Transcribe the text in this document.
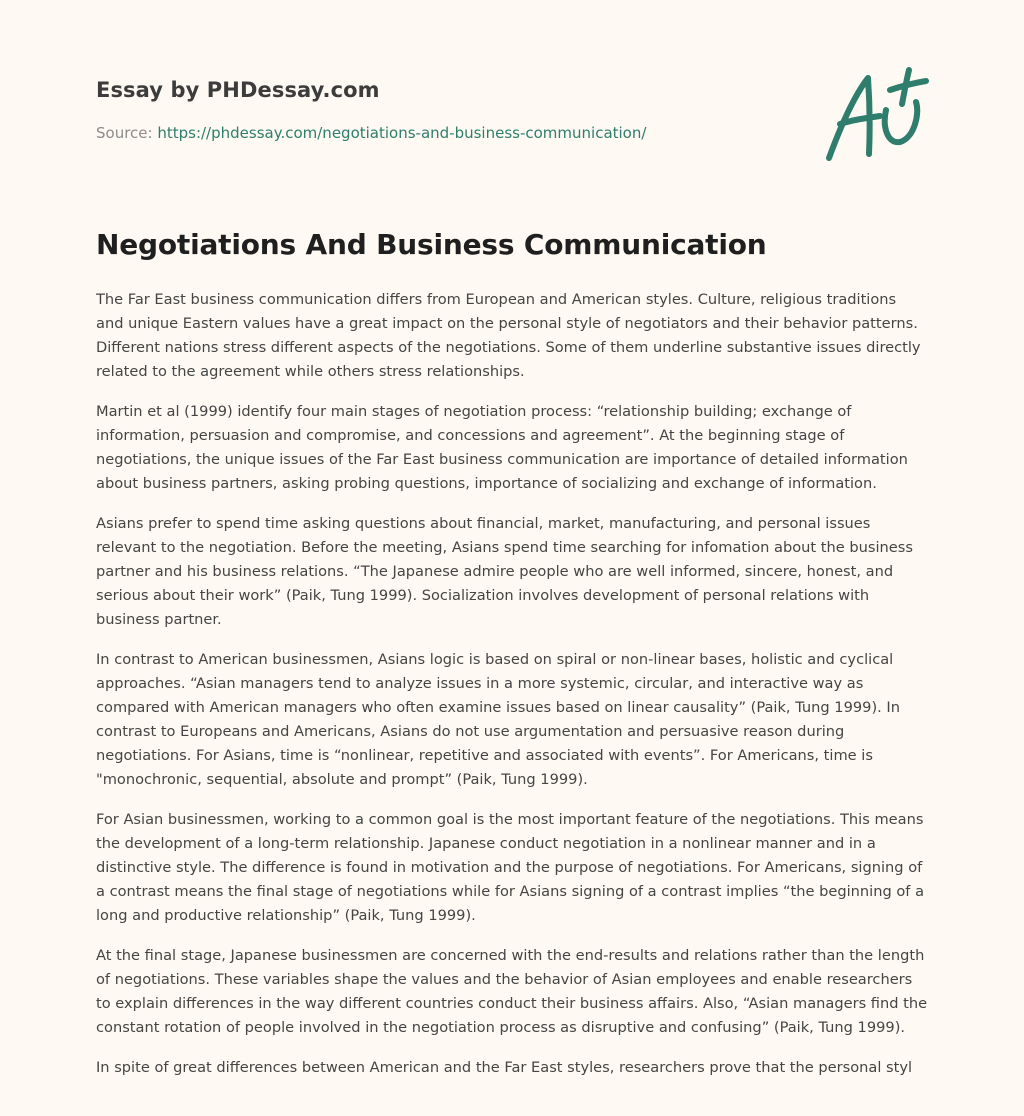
Essay by PHDessay.com
Source: https://phdessay.com/negotiations-and-business-communication/
Negotiations And Business Communication

The Far East business communication differs from European and American styles. Culture, religious traditions and unique Eastern values have a great impact on the personal style of negotiators and their behavior patterns. Different nations stress different aspects of the negotiations. Some of them underline substantive issues directly related to the agreement while others stress relationships.

Martin et al (1999) identify four main stages of negotiation process: “relationship building; exchange of information, persuasion and compromise, and concessions and agreement”. At the beginning stage of negotiations, the unique issues of the Far East business communication are importance of detailed information about business partners, asking probing questions, importance of socializing and exchange of information.

Asians prefer to spend time asking questions about financial, market, manufacturing, and personal issues relevant to the negotiation. Before the meeting, Asians spend time searching for infomation about the business partner and his business relations. “The Japanese admire people who are well informed, sincere, honest, and serious about their work” (Paik, Tung 1999). Socialization involves development of personal relations with business partner.

In contrast to American businessmen, Asians logic is based on spiral or non-linear bases, holistic and cyclical approaches. “Asian managers tend to analyze issues in a more systemic, circular, and interactive way as compared with American managers who often examine issues based on linear causality” (Paik, Tung 1999). In contrast to Europeans and Americans, Asians do not use argumentation and persuasive reason during negotiations. For Asians, time is “nonlinear, repetitive and associated with events”. For Americans, time is "monochronic, sequential, absolute and prompt” (Paik, Tung 1999).

For Asian businessmen, working to a common goal is the most important feature of the negotiations. This means the development of a long-term relationship. Japanese conduct negotiation in a nonlinear manner and in a distinctive style. The difference is found in motivation and the purpose of negotiations. For Americans, signing of a contrast means the final stage of negotiations while for Asians signing of a contrast implies “the beginning of a long and productive relationship” (Paik, Tung 1999).

At the final stage, Japanese businessmen are concerned with the end-results and relations rather than the length of negotiations. These variables shape the values and the behavior of Asian employees and enable researchers to explain differences in the way different countries conduct their business affairs. Also, “Asian managers find the constant rotation of people involved in the negotiation process as disruptive and confusing” (Paik, Tung 1999).

In spite of great differences between American and the Far East styles, researchers prove that the personal styl
